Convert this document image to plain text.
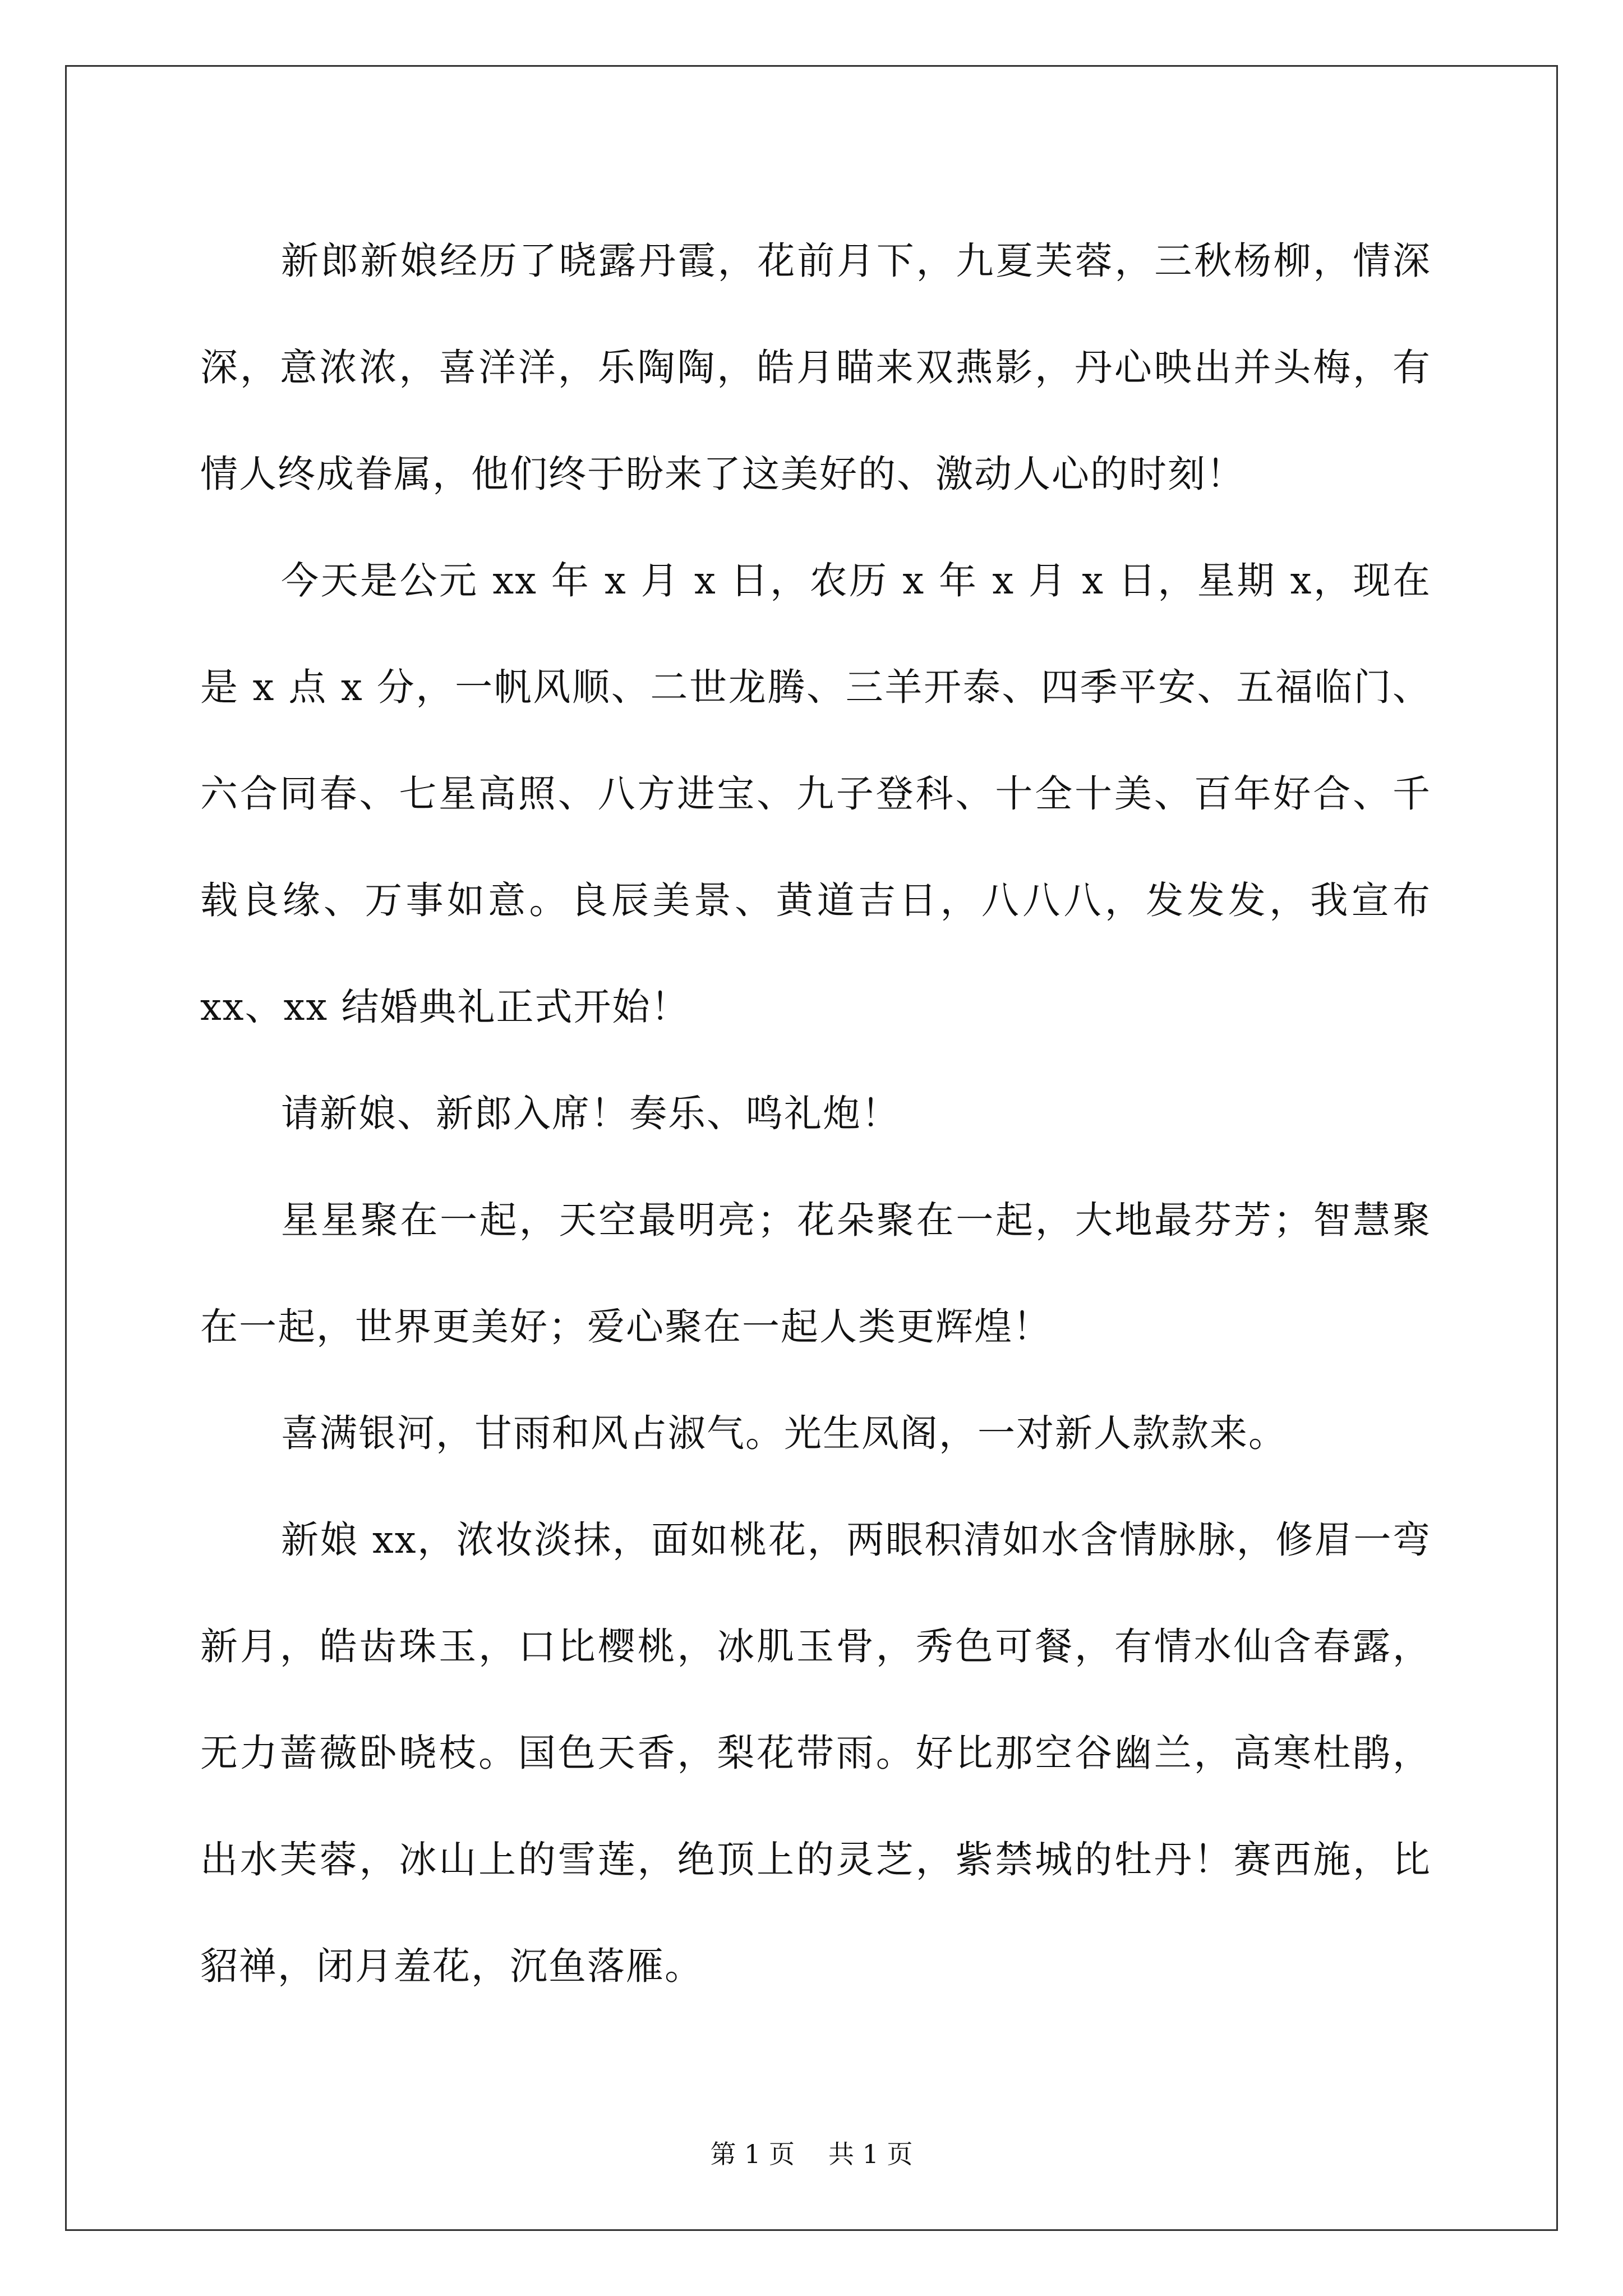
新郎新娘经历了晓露丹霞，花前月下，九夏芙蓉，三秋杨柳，情深深，意浓浓，喜洋洋，乐陶陶，皓月瞄来双燕影，丹心映出并头梅，有情人终成眷属，他们终于盼来了这美好的、激动人心的时刻！

今天是公元 xx 年 x 月 x 日，农历 x 年 x 月 x 日，星期 x，现在是 x 点 x 分，一帆风顺、二世龙腾、三羊开泰、四季平安、五福临门、六合同春、七星高照、八方进宝、九子登科、十全十美、百年好合、千载良缘、万事如意。良辰美景、黄道吉日，八八八，发发发，我宣布 xx、xx 结婚典礼正式开始！

请新娘、新郎入席！奏乐、鸣礼炮！

星星聚在一起，天空最明亮；花朵聚在一起，大地最芬芳；智慧聚在一起，世界更美好；爱心聚在一起人类更辉煌！

喜满银河，甘雨和风占淑气。光生凤阁，一对新人款款来。

新娘 xx，浓妆淡抹，面如桃花，两眼积清如水含情脉脉，修眉一弯新月，皓齿珠玉，口比樱桃，冰肌玉骨，秀色可餐，有情水仙含春露，无力蔷薇卧晓枝。国色天香，梨花带雨。好比那空谷幽兰，高寒杜鹃，出水芙蓉，冰山上的雪莲，绝顶上的灵芝，紫禁城的牡丹！赛西施，比貂禅，闭月羞花，沉鱼落雁。

第 1 页 共 1 页
